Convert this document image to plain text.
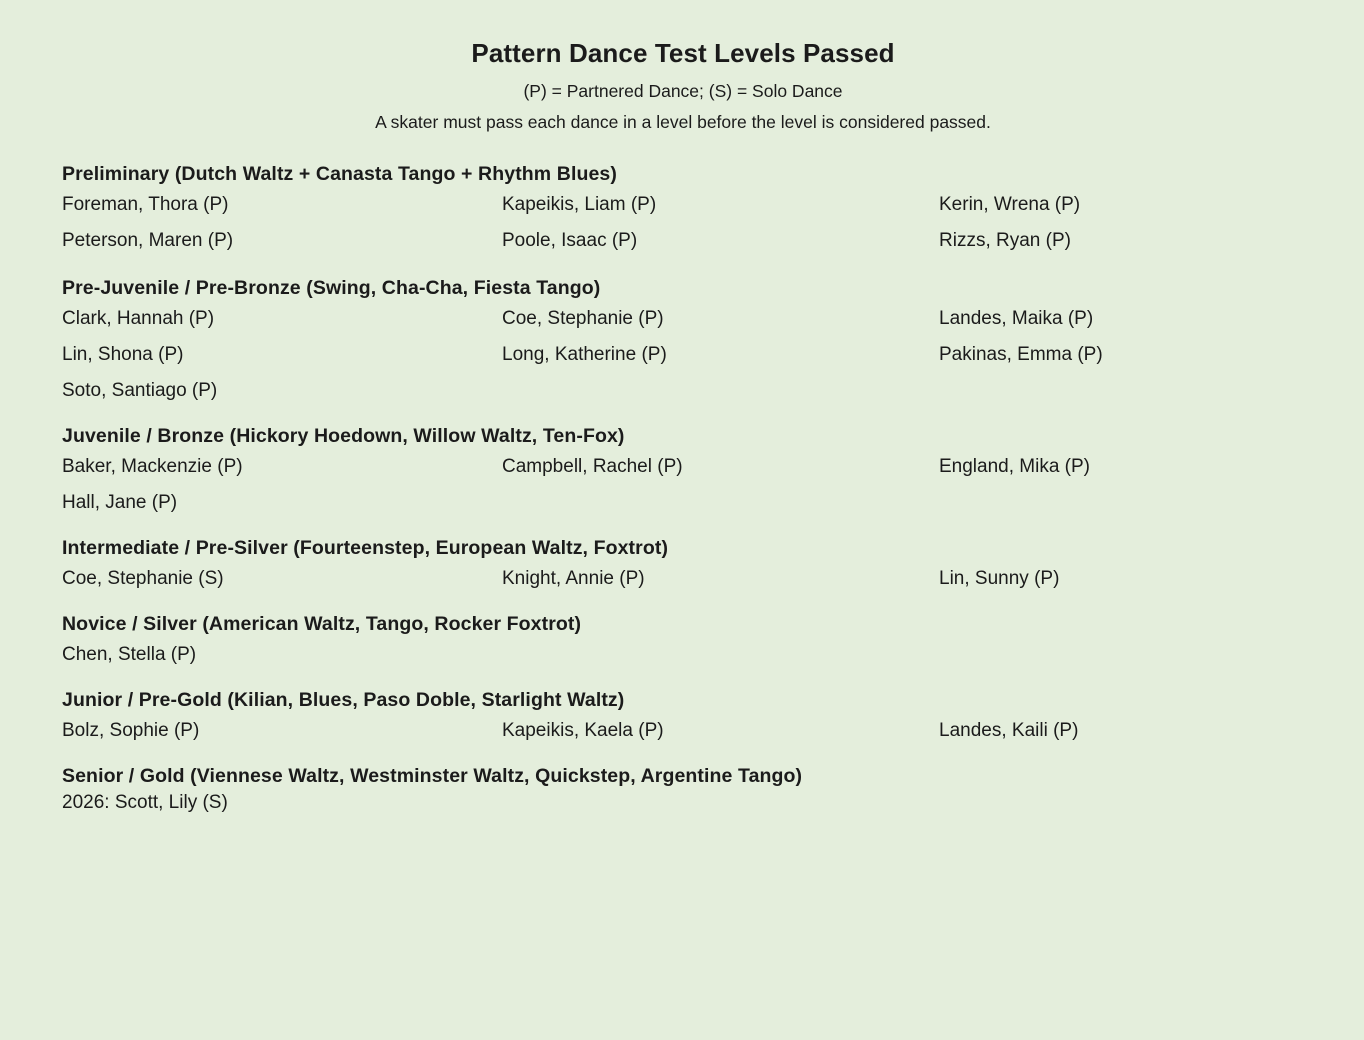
Pattern Dance Test Levels Passed

(P) = Partnered Dance; (S) = Solo Dance

A skater must pass each dance in a level before the level is considered passed.

Preliminary (Dutch Waltz + Canasta Tango + Rhythm Blues)
Foreman, Thora (P)	Kapeikis, Liam (P)	Kerin, Wrena (P)
Peterson, Maren (P)	Poole, Isaac (P)	Rizzs, Ryan (P)
Pre-Juvenile / Pre-Bronze (Swing, Cha-Cha, Fiesta Tango)
Clark, Hannah (P)	Coe, Stephanie (P)	Landes, Maika (P)
Lin, Shona (P)	Long, Katherine (P)	Pakinas, Emma (P)
Soto, Santiago (P)
Juvenile / Bronze (Hickory Hoedown, Willow Waltz, Ten-Fox)
Baker, Mackenzie (P)	Campbell, Rachel (P)	England, Mika (P)
Hall, Jane (P)
Intermediate / Pre-Silver (Fourteenstep, European Waltz, Foxtrot)
Coe, Stephanie (S)	Knight, Annie (P)	Lin, Sunny (P)
Novice / Silver (American Waltz, Tango, Rocker Foxtrot)
Chen, Stella (P)
Junior / Pre-Gold (Kilian, Blues, Paso Doble, Starlight Waltz)
Bolz, Sophie (P)	Kapeikis, Kaela (P)	Landes, Kaili (P)
Senior / Gold (Viennese Waltz, Westminster Waltz, Quickstep, Argentine Tango)
2026: Scott, Lily (S)
